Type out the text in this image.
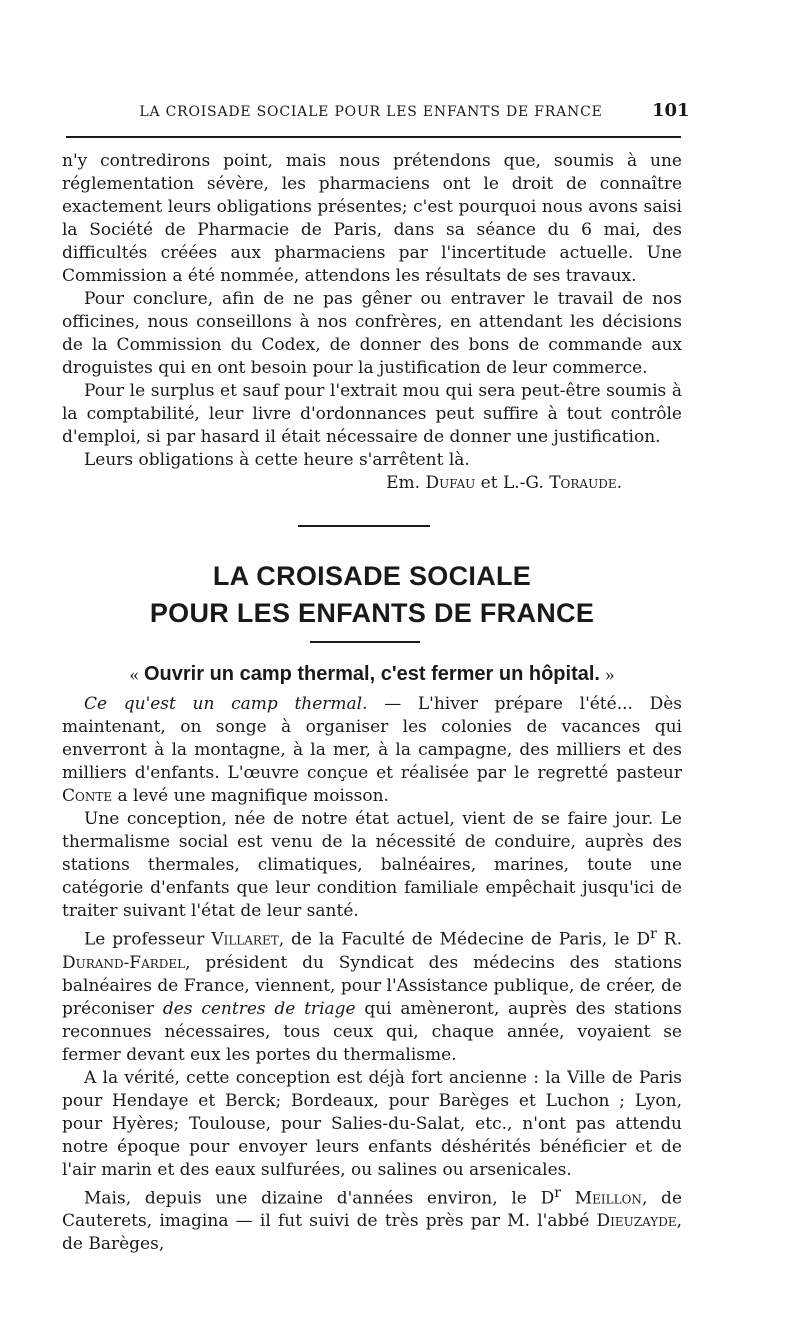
LA CROISADE SOCIALE POUR LES ENFANTS DE FRANCE	101

n'y contredirons point, mais nous prétendons que, soumis à une réglementation sévère, les pharmaciens ont le droit de connaître exactement leurs obligations présentes; c'est pourquoi nous avons saisi la Société de Pharmacie de Paris, dans sa séance du 6 mai, des difficultés créées aux pharmaciens par l'incertitude actuelle. Une Commission a été nommée, attendons les résultats de ses travaux.

Pour conclure, afin de ne pas gêner ou entraver le travail de nos officines, nous conseillons à nos confrères, en attendant les décisions de la Commission du Codex, de donner des bons de commande aux droguistes qui en ont besoin pour la justification de leur commerce.

Pour le surplus et sauf pour l'extrait mou qui sera peut-être soumis à la comptabilité, leur livre d'ordonnances peut suffire à tout contrôle d'emploi, si par hasard il était nécessaire de donner une justification.

Leurs obligations à cette heure s'arrêtent là.

Em. Dufau et L.-G. Toraude.

LA CROISADE SOCIALE
POUR LES ENFANTS DE FRANCE
« Ouvrir un camp thermal, c'est fermer un hôpital. »

Ce qu'est un camp thermal. — L'hiver prépare l'été... Dès maintenant, on songe à organiser les colonies de vacances qui enverront à la montagne, à la mer, à la campagne, des milliers et des milliers d'enfants. L'œuvre conçue et réalisée par le regretté pasteur Conte a levé une magnifique moisson.

Une conception, née de notre état actuel, vient de se faire jour. Le thermalisme social est venu de la nécessité de conduire, auprès des stations thermales, climatiques, balnéaires, marines, toute une catégorie d'enfants que leur condition familiale empêchait jusqu'ici de traiter suivant l'état de leur santé.

Le professeur Villaret, de la Faculté de Médecine de Paris, le $D^r$ R. Durand-Fardel, président du Syndicat des médecins des stations balnéaires de France, viennent, pour l'Assistance publique, de créer, de préconiser des centres de triage qui amèneront, auprès des stations reconnues nécessaires, tous ceux qui, chaque année, voyaient se fermer devant eux les portes du thermalisme.

A la vérité, cette conception est déjà fort ancienne : la Ville de Paris pour Hendaye et Berck; Bordeaux, pour Barèges et Luchon ; Lyon, pour Hyères; Toulouse, pour Salies-du-Salat, etc., n'ont pas attendu notre époque pour envoyer leurs enfants déshérités bénéficier et de l'air marin et des eaux sulfurées, ou salines ou arsenicales.

Mais, depuis une dizaine d'années environ, le $D^r$ Meillon, de Cauterets, imagina — il fut suivi de très près par M. l'abbé Dieuzayde, de Barèges,
